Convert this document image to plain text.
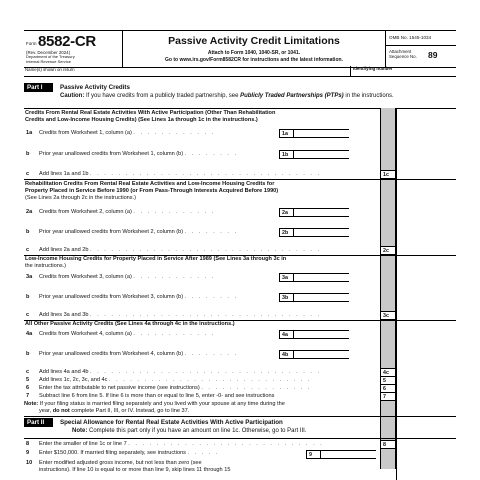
Form 8582-CR
(Rev. December 2024)
Department of the Treasury
Internal Revenue Service
Passive Activity Credit Limitations
Attach to Form 1040, 1040-SR, or 1041.
Go to www.irs.gov/Form8582CR for instructions and the latest information.
OMB No. 1545-1034
Attachment
Sequence No. 89
Name(s) shown on return	Identifying number
Part I	Passive Activity Credits
Caution: If you have credits from a publicly traded partnership, see Publicly Traded Partnerships (PTPs) in the instructions.
Credits From Rental Real Estate Activities With Active Participation (Other Than Rehabilitation
Credits and Low-Income Housing Credits) (See Lines 1a through 1c in the instructions.)
1a Credits from Worksheet 1, column (a) . . . . . . . . . . . .	1a
b Prior year unallowed credits from Worksheet 1, column (b) . . . . . . . .	1b
c Add lines 1a and 1b . . . . . . . . . . . . . . . . . . . . . . . . . . . . . . . . .	1c
Rehabilitation Credits From Rental Real Estate Activities and Low-Income Housing Credits for
Property Placed in Service Before 1990 (or From Pass-Through Interests Acquired Before 1990)
(See Lines 2a through 2c in the instructions.)
2a Credits from Worksheet 2, column (a) . . . . . . . . . . . .	2a
b Prior year unallowed credits from Worksheet 2, column (b) . . . . . . . .	2b
c Add lines 2a and 2b . . . . . . . . . . . . . . . . . . . . . . . . . . . . . . . . .	2c
Low-Income Housing Credits for Property Placed in Service After 1989 (See Lines 3a through 3c in
the instructions.)
3a Credits from Worksheet 3, column (a) . . . . . . . . . . . .	3a
b Prior year unallowed credits from Worksheet 3, column (b) . . . . . . . .	3b
c Add lines 3a and 3b . . . . . . . . . . . . . . . . . . . . . . . . . . . . . . . . .	3c
All Other Passive Activity Credits (See Lines 4a through 4c in the instructions.)
4a Credits from Worksheet 4, column (a) . . . . . . . . . . . .	4a
b Prior year unallowed credits from Worksheet 4, column (b) . . . . . . . .	4b
c Add lines 4a and 4b . . . . . . . . . . . . . . . . . . . . . . . . . . . . . . . . .	4c
5 Add lines 1c, 2c, 3c, and 4c . . . . . . . . . . . . . . . . . . . . . . . . . . . . .	5
6 Enter the tax attributable to net passive income (see instructions) . . . . . . . . . . . . . . . .	6
7 Subtract line 6 from line 5. If line 6 is more than or equal to line 5, enter -0- and see instructions	7
Note: If your filing status is married filing separately and you lived with your spouse at any time during the
year, do not complete Part II, III, or IV. Instead, go to line 37.
Part II	Special Allowance for Rental Real Estate Activities With Active Participation
Note: Complete this part only if you have an amount on line 1c. Otherwise, go to Part III.
8 Enter the smaller of line 1c or line 7 . . . . . . . . . . . . . . . . . . . . . . . . . . . .	8
9 Enter $150,000. If married filing separately, see instructions . . . . .	9
10 Enter modified adjusted gross income, but not less than zero (see
instructions). If line 10 is equal to or more than line 9, skip lines 11 through 15
